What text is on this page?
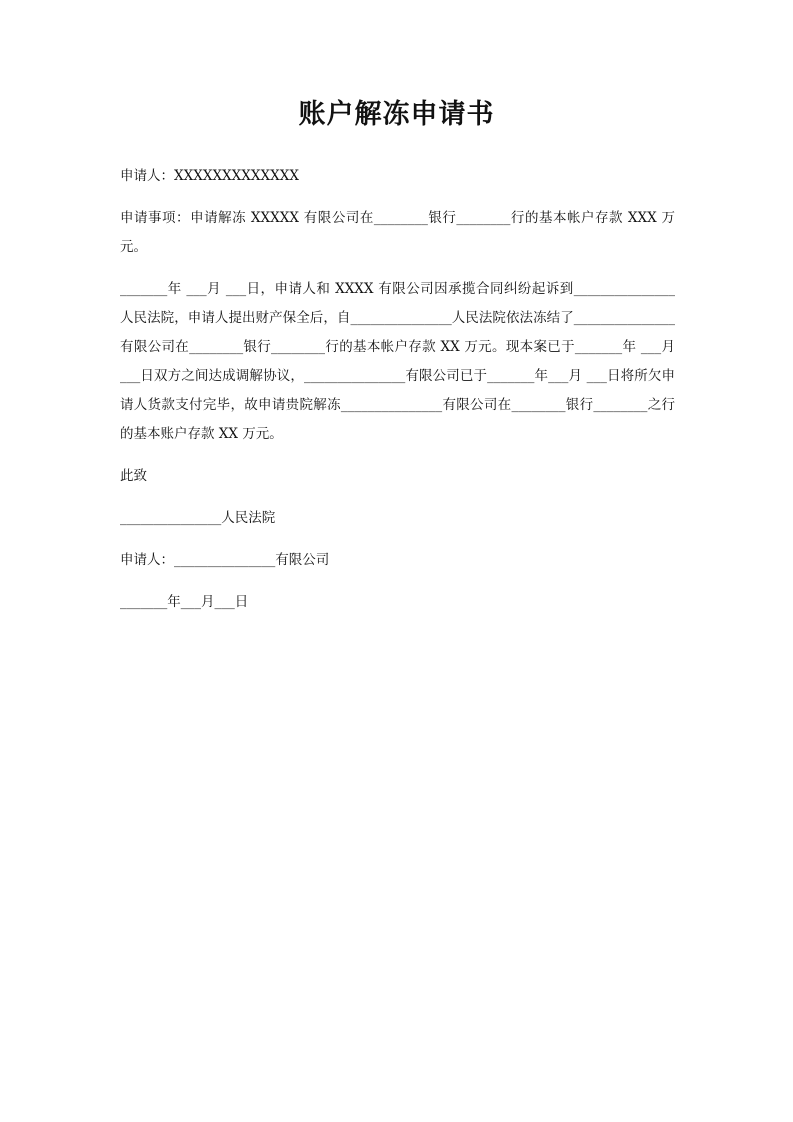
账户解冻申请书

申请人：XXXXXXXXXXXXX

申请事项：申请解冻 XXXXX 有限公司在________银行________行的基本帐户存款 XXX 万元。

_______年 ___月 ___日，申请人和 XXXX 有限公司因承揽合同纠纷起诉到_______________人民法院，申请人提出财产保全后，自_______________人民法院依法冻结了_______________有限公司在________银行________行的基本帐户存款 XX 万元。现本案已于_______年 ___月 ___日双方之间达成调解协议，_______________有限公司已于_______年___月 ___日将所欠申请人货款支付完毕，故申请贵院解冻_______________有限公司在________银行________之行的基本账户存款 XX 万元。

此致

_______________人民法院

申请人：_______________有限公司

_______年___月___日
